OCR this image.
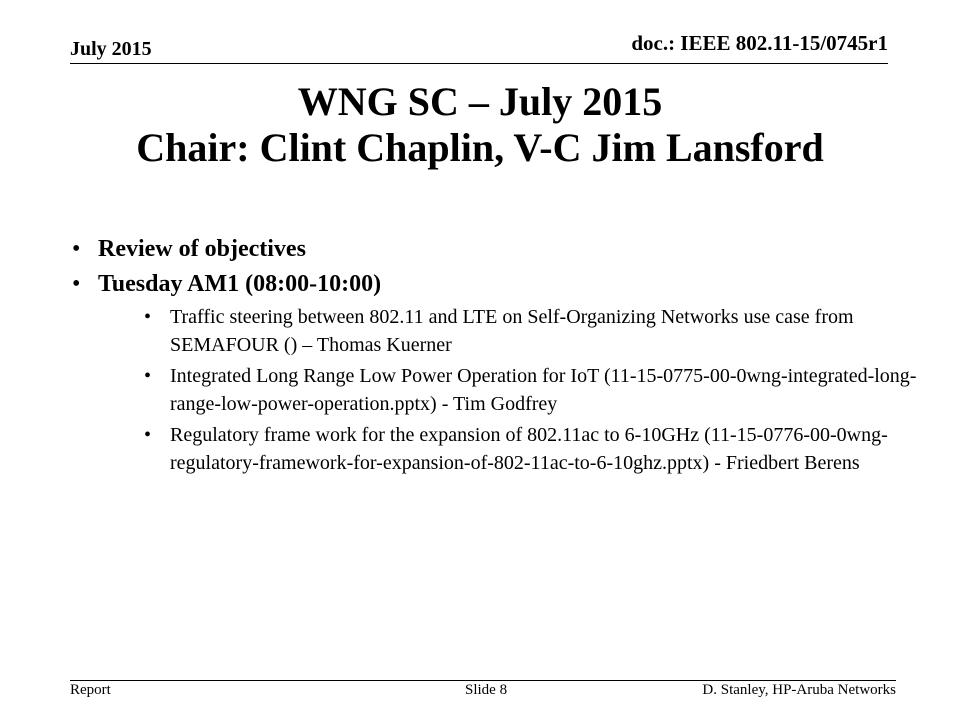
July 2015	doc.: IEEE 802.11-15/0745r1
WNG SC – July 2015
Chair: Clint Chaplin, V-C Jim Lansford
• Review of objectives
• Tuesday AM1 (08:00-10:00)
• Traffic steering between 802.11 and LTE on Self-Organizing Networks use case from SEMAFOUR () – Thomas Kuerner
• Integrated Long Range Low Power Operation for IoT (11-15-0775-00-0wng-integrated-long-range-low-power-operation.pptx) - Tim Godfrey
• Regulatory frame work for the expansion of 802.11ac to 6-10GHz (11-15-0776-00-0wng-regulatory-framework-for-expansion-of-802-11ac-to-6-10ghz.pptx) - Friedbert Berens
Report	Slide 8	D. Stanley, HP-Aruba Networks
